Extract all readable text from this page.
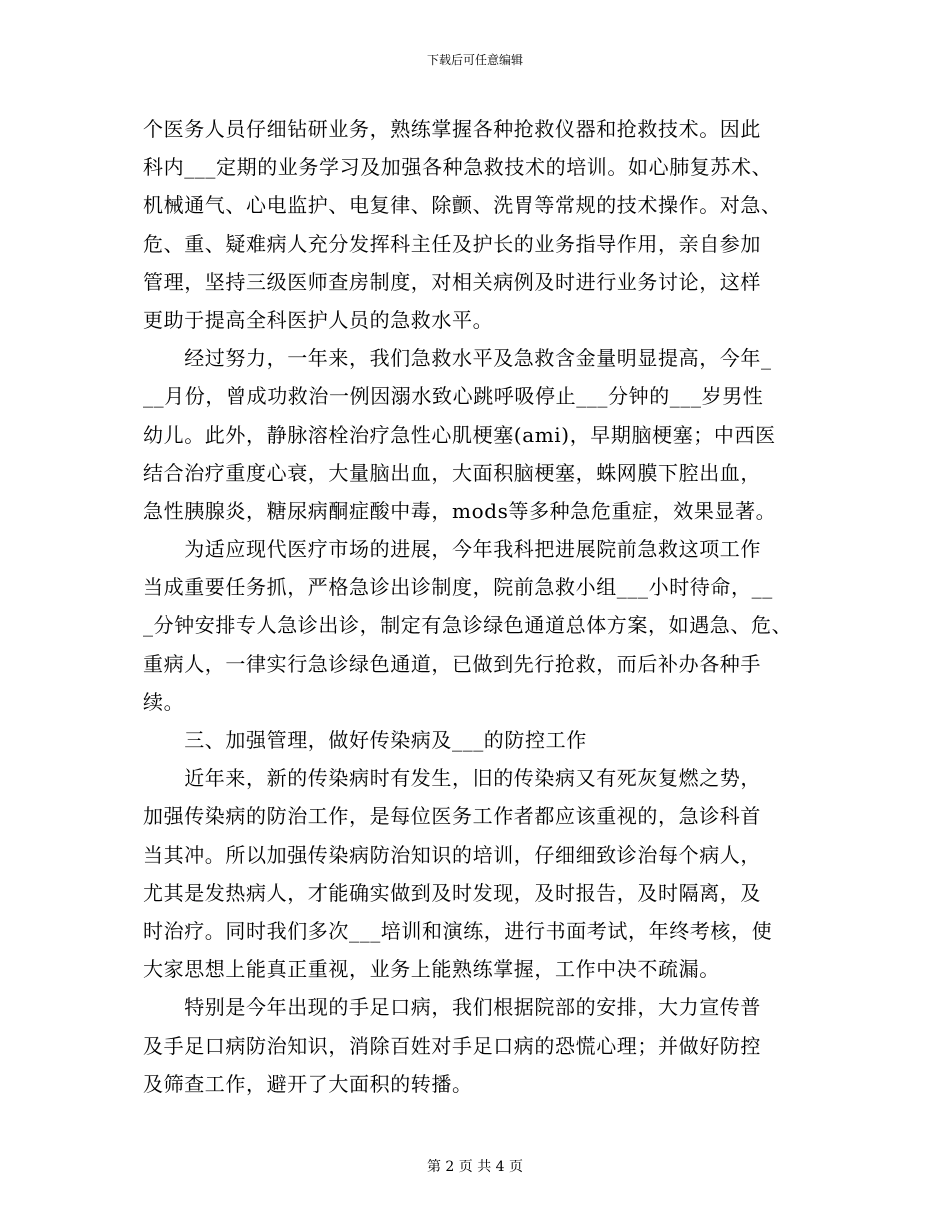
下载后可任意编辑
个医务人员仔细钻研业务，熟练掌握各种抢救仪器和抢救技术。因此
科内___定期的业务学习及加强各种急救技术的培训。如心肺复苏术、
机械通气、心电监护、电复律、除颤、洗胃等常规的技术操作。对急、
危、重、疑难病人充分发挥科主任及护长的业务指导作用，亲自参加
管理，坚持三级医师查房制度，对相关病例及时进行业务讨论，这样
更助于提高全科医护人员的急救水平。
　　经过努力，一年来，我们急救水平及急救含金量明显提高，今年_
__月份，曾成功救治一例因溺水致心跳呼吸停止___分钟的___岁男性
幼儿。此外，静脉溶栓治疗急性心肌梗塞(ami)，早期脑梗塞；中西医
结合治疗重度心衰，大量脑出血，大面积脑梗塞，蛛网膜下腔出血，
急性胰腺炎，糖尿病酮症酸中毒，mods等多种急危重症，效果显著。
　　为适应现代医疗市场的进展，今年我科把进展院前急救这项工作
当成重要任务抓，严格急诊出诊制度，院前急救小组___小时待命，__
_分钟安排专人急诊出诊，制定有急诊绿色通道总体方案，如遇急、危、
重病人，一律实行急诊绿色通道，已做到先行抢救，而后补办各种手
续。
　　三、加强管理，做好传染病及___的防控工作
　　近年来，新的传染病时有发生，旧的传染病又有死灰复燃之势，
加强传染病的防治工作，是每位医务工作者都应该重视的，急诊科首
当其冲。所以加强传染病防治知识的培训，仔细细致诊治每个病人，
尤其是发热病人，才能确实做到及时发现，及时报告，及时隔离，及
时治疗。同时我们多次___培训和演练，进行书面考试，年终考核，使
大家思想上能真正重视，业务上能熟练掌握，工作中决不疏漏。
　　特别是今年出现的手足口病，我们根据院部的安排，大力宣传普
及手足口病防治知识，消除百姓对手足口病的恐慌心理；并做好防控
及筛查工作，避开了大面积的转播。
第 2 页 共 4 页
